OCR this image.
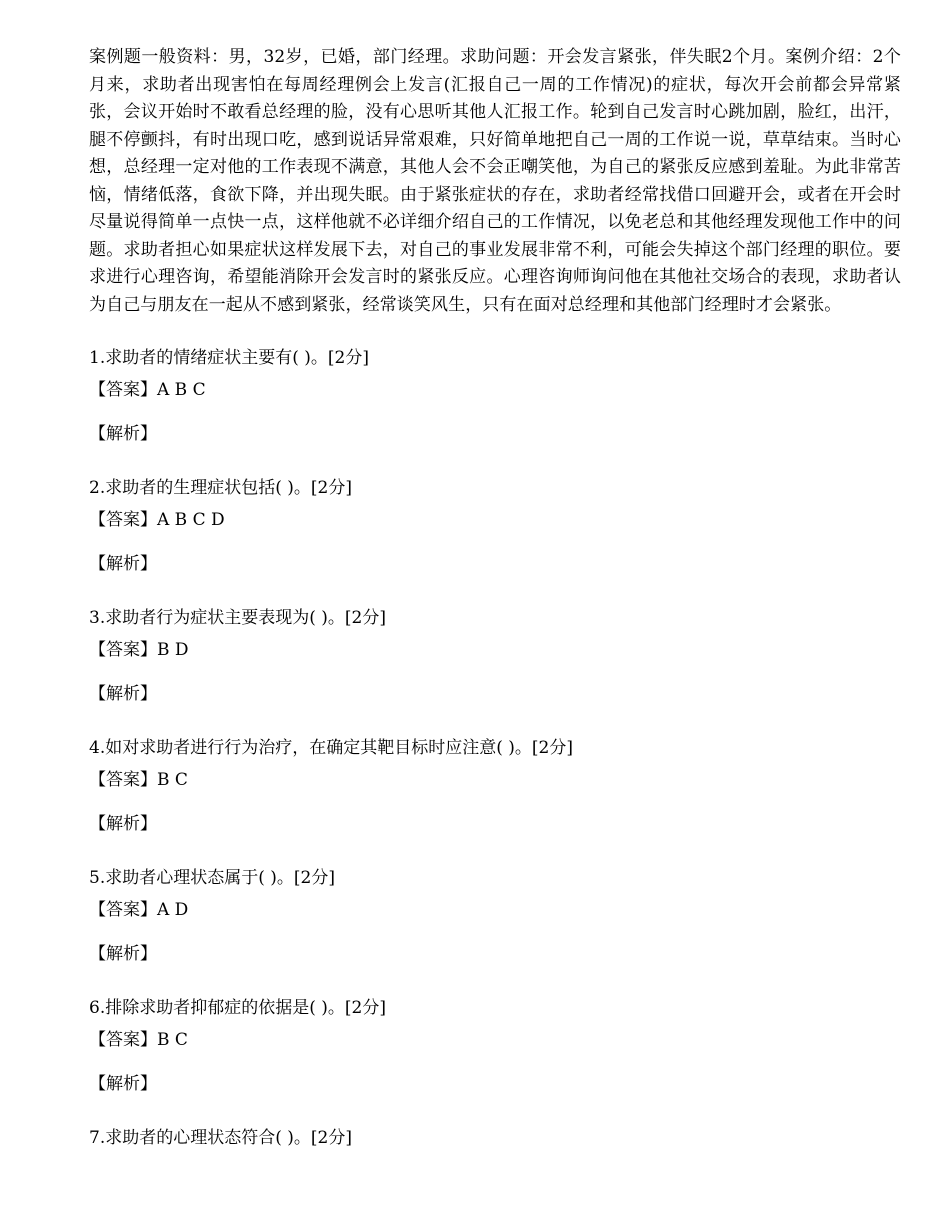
案例题一般资料：男，32岁，已婚，部门经理。求助问题：开会发言紧张，伴失眠2个月。案例介绍：2个月来，求助者出现害怕在每周经理例会上发言(汇报自己一周的工作情况)的症状，每次开会前都会异常紧张，会议开始时不敢看总经理的脸，没有心思听其他人汇报工作。轮到自己发言时心跳加剧，脸红，出汗，腿不停颤抖，有时出现口吃，感到说话异常艰难，只好简单地把自己一周的工作说一说，草草结束。当时心想，总经理一定对他的工作表现不满意，其他人会不会正嘲笑他，为自己的紧张反应感到羞耻。为此非常苦恼，情绪低落，食欲下降，并出现失眠。由于紧张症状的存在，求助者经常找借口回避开会，或者在开会时尽量说得简单一点快一点，这样他就不必详细介绍自己的工作情况，以免老总和其他经理发现他工作中的问题。求助者担心如果症状这样发展下去，对自己的事业发展非常不利，可能会失掉这个部门经理的职位。要求进行心理咨询，希望能消除开会发言时的紧张反应。心理咨询师询问他在其他社交场合的表现，求助者认为自己与朋友在一起从不感到紧张，经常谈笑风生，只有在面对总经理和其他部门经理时才会紧张。

1.求助者的情绪症状主要有( )。[2分]

【答案】A B C

【解析】

2.求助者的生理症状包括( )。[2分]

【答案】A B C D

【解析】

3.求助者行为症状主要表现为( )。[2分]

【答案】B D

【解析】

4.如对求助者进行行为治疗，在确定其靶目标时应注意( )。[2分]

【答案】B C

【解析】

5.求助者心理状态属于( )。[2分]

【答案】A D

【解析】

6.排除求助者抑郁症的依据是( )。[2分]

【答案】B C

【解析】

7.求助者的心理状态符合( )。[2分]
